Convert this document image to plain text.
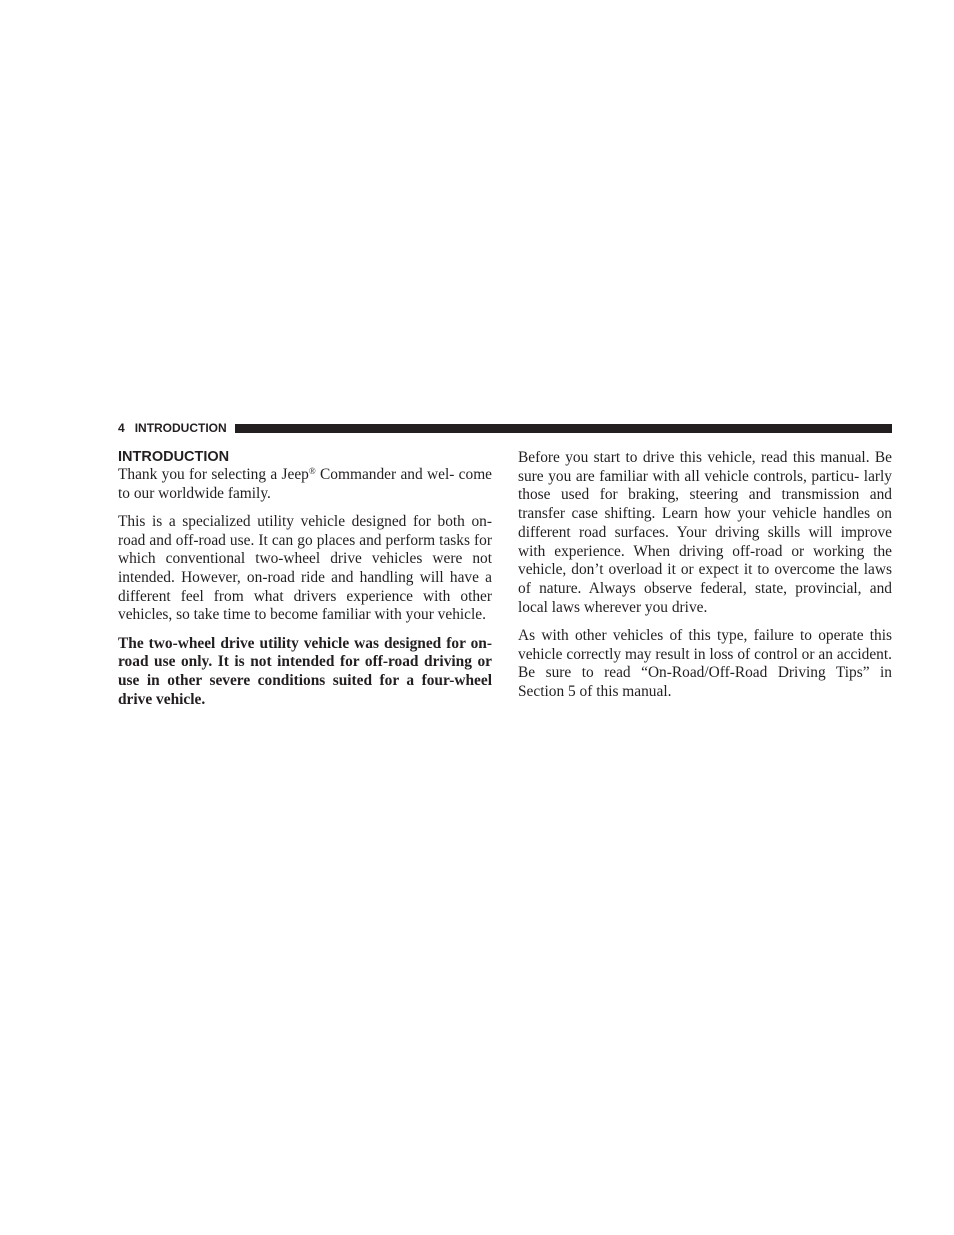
4 INTRODUCTION
INTRODUCTION

Thank you for selecting a Jeep® Commander and wel- come to our worldwide family.

This is a specialized utility vehicle designed for both on-road and off-road use. It can go places and perform tasks for which conventional two-wheel drive vehicles were not intended. However, on-road ride and handling will have a different feel from what drivers experience with other vehicles, so take time to become familiar with your vehicle.

The two-wheel drive utility vehicle was designed for on-road use only. It is not intended for off-road driving or use in other severe conditions suited for a four-wheel drive vehicle.

Before you start to drive this vehicle, read this manual. Be sure you are familiar with all vehicle controls, particu- larly those used for braking, steering and transmission and transfer case shifting. Learn how your vehicle handles on different road surfaces. Your driving skills will improve with experience. When driving off-road or working the vehicle, don’t overload it or expect it to overcome the laws of nature. Always observe federal, state, provincial, and local laws wherever you drive.

As with other vehicles of this type, failure to operate this vehicle correctly may result in loss of control or an accident. Be sure to read “On-Road/Off-Road Driving Tips” in Section 5 of this manual.
